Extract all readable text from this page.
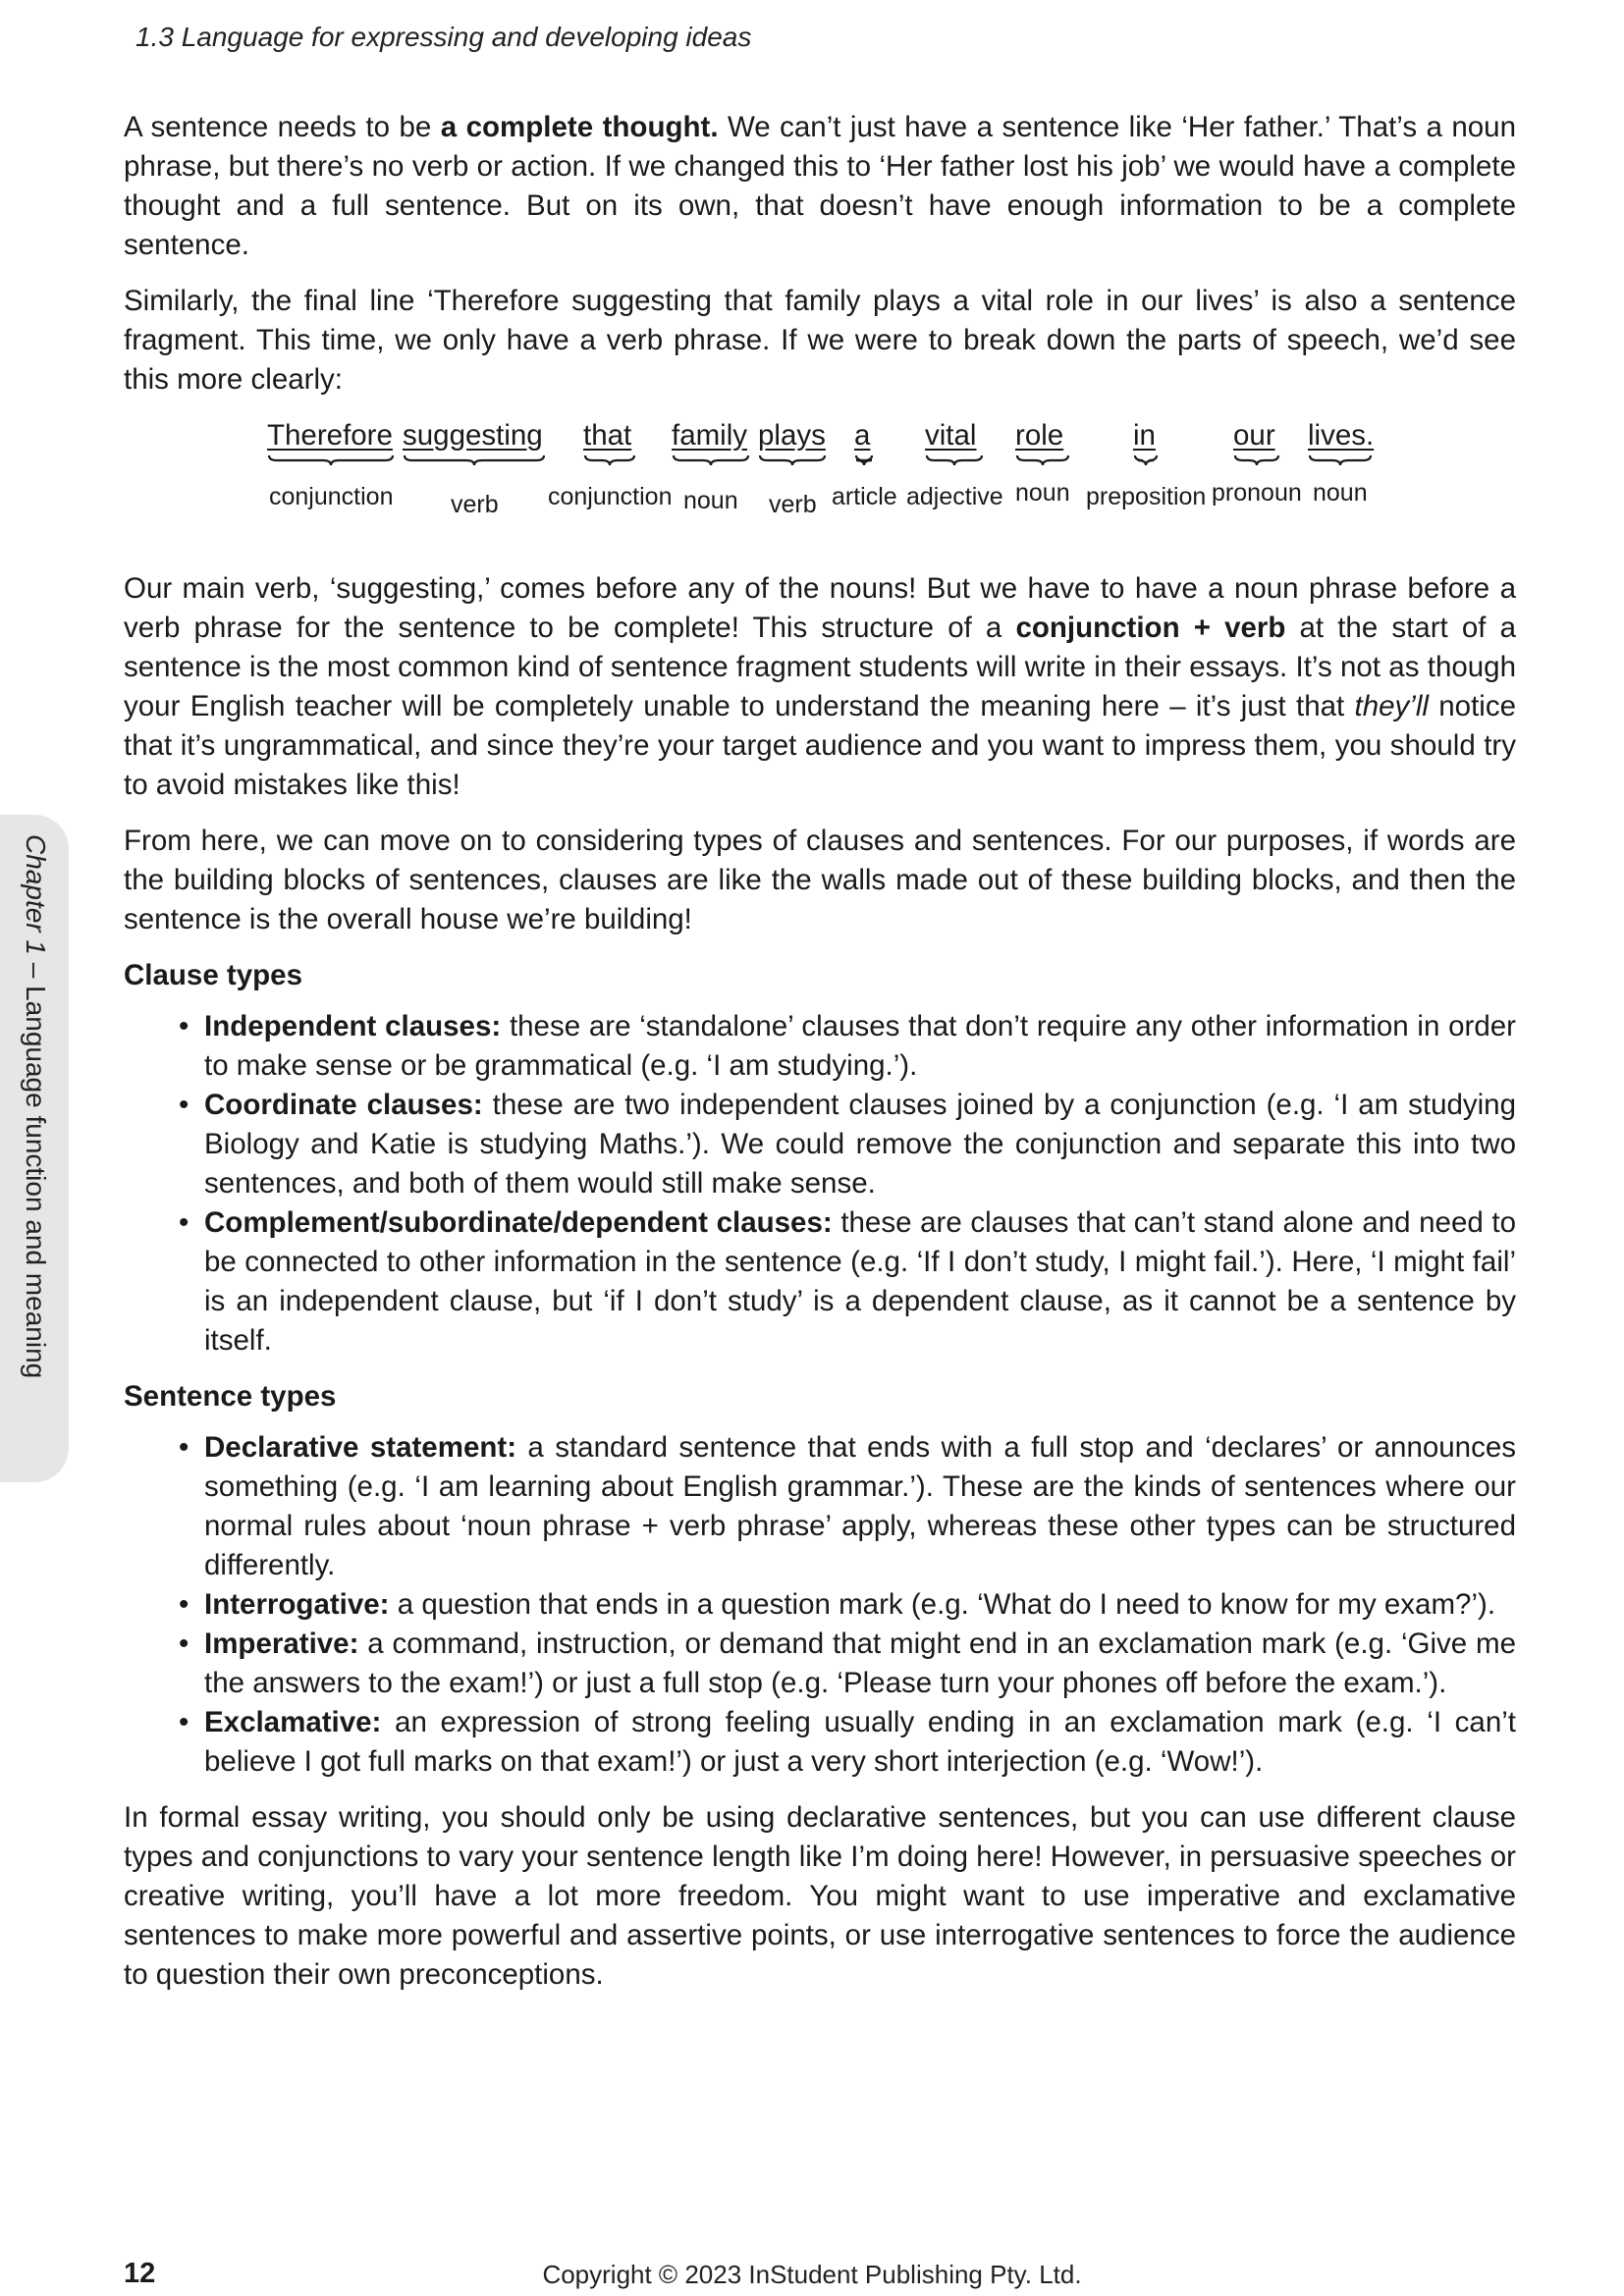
1.3 Language for expressing and developing ideas
Chapter 1 – Language function and meaning

A sentence needs to be a complete thought. We can’t just have a sentence like ‘Her father.’ That’s a noun phrase, but there’s no verb or action. If we changed this to ‘Her father lost his job’ we would have a complete thought and a full sentence. But on its own, that doesn’t have enough information to be a complete sentence.

Similarly, the final line ‘Therefore suggesting that family plays a vital role in our lives’ is also a sentence fragment. This time, we only have a verb phrase. If we were to break down the parts of speech, we’d see this more clearly:

Therefore
conjunction
suggesting
verb
that
conjunction
family
noun
plays
verb
a
article
vital
adjective
role
noun
in
preposition
our
pronoun
lives.
noun

Our main verb, ‘suggesting,’ comes before any of the nouns! But we have to have a noun phrase before a verb phrase for the sentence to be complete! This structure of a conjunction + verb at the start of a sentence is the most common kind of sentence fragment students will write in their essays. It’s not as though your English teacher will be completely unable to understand the meaning here – it’s just that they’ll notice that it’s ungrammatical, and since they’re your target audience and you want to impress them, you should try to avoid mistakes like this!

From here, we can move on to considering types of clauses and sentences. For our purposes, if words are the building blocks of sentences, clauses are like the walls made out of these building blocks, and then the sentence is the overall house we’re building!

Clause types
• Independent clauses: these are ‘standalone’ clauses that don’t require any other information in order to make sense or be grammatical (e.g. ‘I am studying.’).
• Coordinate clauses: these are two independent clauses joined by a conjunction (e.g. ‘I am studying Biology and Katie is studying Maths.’). We could remove the conjunction and separate this into two sentences, and both of them would still make sense.
• Complement/subordinate/dependent clauses: these are clauses that can’t stand alone and need to be connected to other information in the sentence (e.g. ‘If I don’t study, I might fail.’). Here, ‘I might fail’ is an independent clause, but ‘if I don’t study’ is a dependent clause, as it cannot be a sentence by itself.
Sentence types
• Declarative statement: a standard sentence that ends with a full stop and ‘declares’ or announces something (e.g. ‘I am learning about English grammar.’). These are the kinds of sentences where our normal rules about ‘noun phrase + verb phrase’ apply, whereas these other types can be structured differently.
• Interrogative: a question that ends in a question mark (e.g. ‘What do I need to know for my exam?’).
• Imperative: a command, instruction, or demand that might end in an exclamation mark (e.g. ‘Give me the answers to the exam!’) or just a full stop (e.g. ‘Please turn your phones off before the exam.’).
• Exclamative: an expression of strong feeling usually ending in an exclamation mark (e.g. ‘I can’t believe I got full marks on that exam!’) or just a very short interjection (e.g. ‘Wow!’).

In formal essay writing, you should only be using declarative sentences, but you can use different clause types and conjunctions to vary your sentence length like I’m doing here! However, in persuasive speeches or creative writing, you’ll have a lot more freedom. You might want to use imperative and exclamative sentences to make more powerful and assertive points, or use interrogative sentences to force the audience to question their own preconceptions.

12	Copyright © 2023 InStudent Publishing Pty. Ltd.
